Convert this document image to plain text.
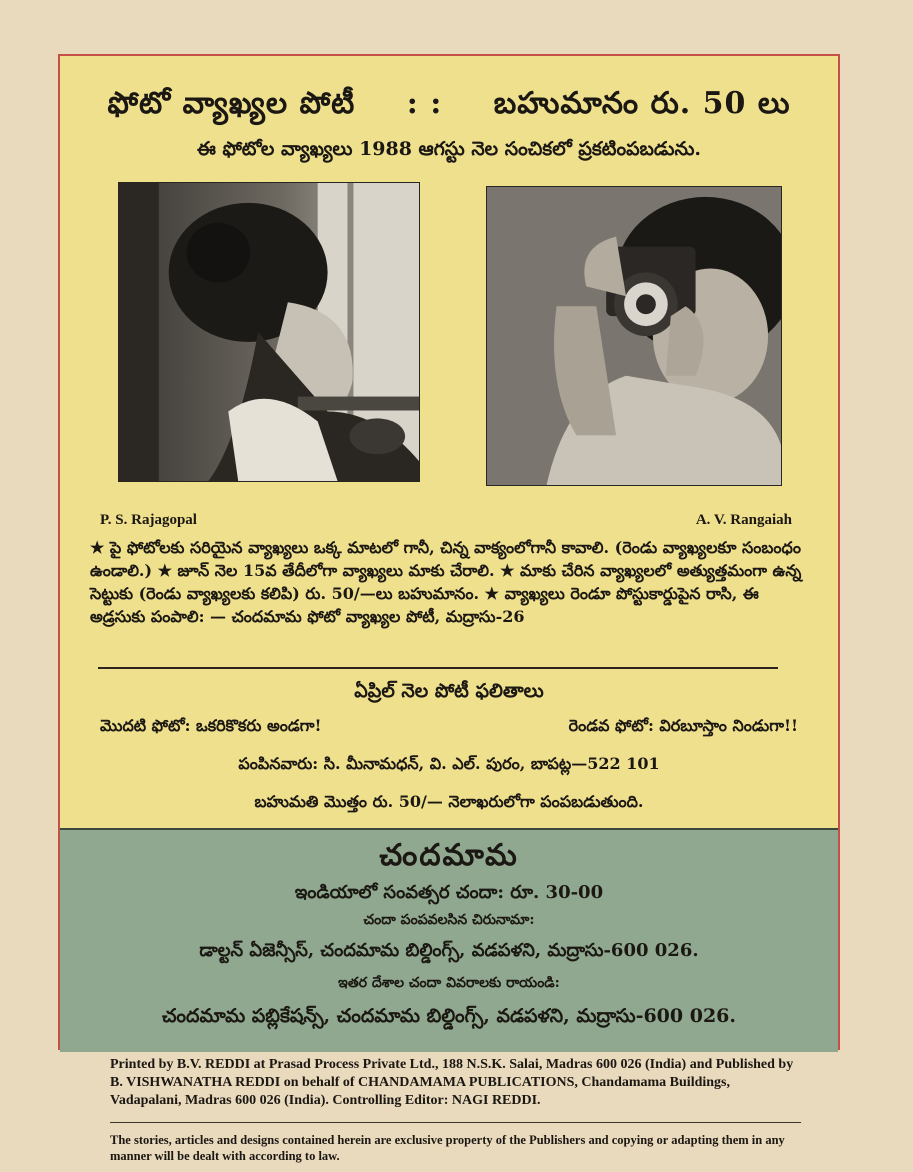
ఫోటో వ్యాఖ్యల పోటీ : : బహుమానం రు. 50 లు
ఈ ఫోటోల వ్యాఖ్యలు 1988 ఆగస్టు నెల సంచికలో ప్రకటింపబడును.
P. S. Rajagopal	A. V. Rangaiah

★ పై ఫోటోలకు సరియైన వ్యాఖ్యలు ఒక్క మాటలో గానీ, చిన్న వాక్యంలోగానీ కావాలి. (రెండు వ్యాఖ్యలకూ సంబంధం ఉండాలి.) ★ జూన్ నెల 15వ తేదీలోగా వ్యాఖ్యలు మాకు చేరాలి. ★ మాకు చేరిన వ్యాఖ్యలలో అత్యుత్తమంగా ఉన్న సెట్టుకు (రెండు వ్యాఖ్యలకు కలిపి) రు. 50/—లు బహుమానం. ★ వ్యాఖ్యలు రెండూ పోస్టుకార్డుపైన రాసి, ఈ అడ్రసుకు పంపాలి: — చందమామ ఫోటో వ్యాఖ్యల పోటీ, మద్రాసు-26

ఏప్రిల్ నెల పోటీ ఫలితాలు
మొదటి ఫోటో: ఒకరికొకరు అండగా!	రెండవ ఫోటో: విరబూస్తాం నిండుగా!!
పంపినవారు: సి. మీనామధన్, వి. ఎల్. పురం, బాపట్ల—522 101
బహుమతి మొత్తం రు. 50/— నెలాఖరులోగా పంపబడుతుంది.
చందమామ
ఇండియాలో సంవత్సర చందా: రూ. 30-00
చందా పంపవలసిన చిరునామా:
డాల్టన్ ఏజెన్సీస్, చందమామ బిల్డింగ్స్, వడపళని, మద్రాసు-600 026.
ఇతర దేశాల చందా వివరాలకు రాయండి:
చందమామ పబ్లికేషన్స్, చందమామ బిల్డింగ్స్, వడపళని, మద్రాసు-600 026.
Printed by B.V. REDDI at Prasad Process Private Ltd., 188 N.S.K. Salai, Madras 600 026 (India) and Published by B. VISHWANATHA REDDI on behalf of CHANDAMAMA PUBLICATIONS, Chandamama Buildings, Vadapalani, Madras 600 026 (India). Controlling Editor: NAGI REDDI.
The stories, articles and designs contained herein are exclusive property of the Publishers and copying or adapting them in any manner will be dealt with according to law.
